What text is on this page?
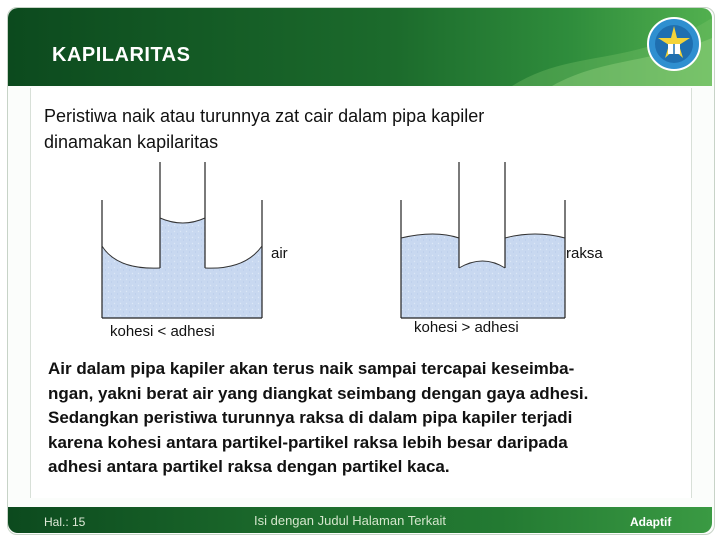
KAPILARITAS
Peristiwa naik atau turunnya zat cair dalam pipa kapiler
dinamakan kapilaritas
air	raksa
kohesi < adhesi	kohesi > adhesi
Air dalam pipa kapiler akan terus naik sampai tercapai keseimba-
ngan, yakni berat air yang diangkat seimbang dengan gaya adhesi.
Sedangkan peristiwa turunnya raksa di dalam pipa kapiler terjadi
karena kohesi antara partikel-partikel raksa lebih besar daripada
adhesi antara partikel raksa dengan partikel kaca.
Hal.: 15	Isi dengan Judul Halaman Terkait	Adaptif
